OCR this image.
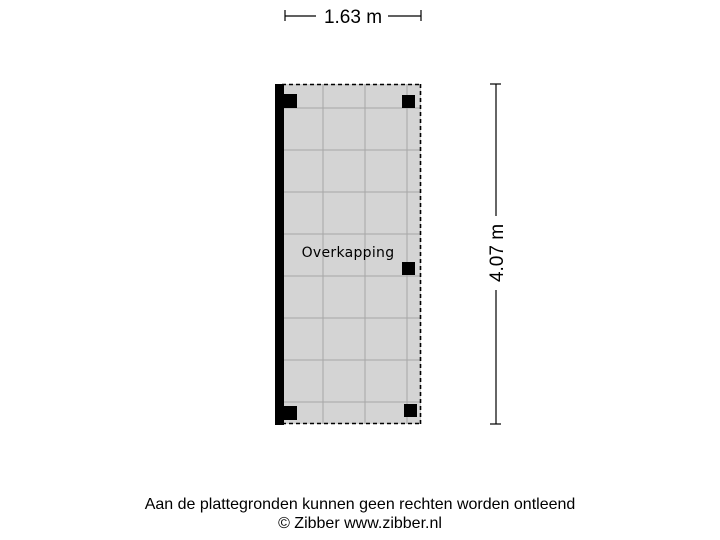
1.63 m
4.07 m
Overkapping
Aan de plattegronden kunnen geen rechten worden ontleend
© Zibber www.zibber.nl
